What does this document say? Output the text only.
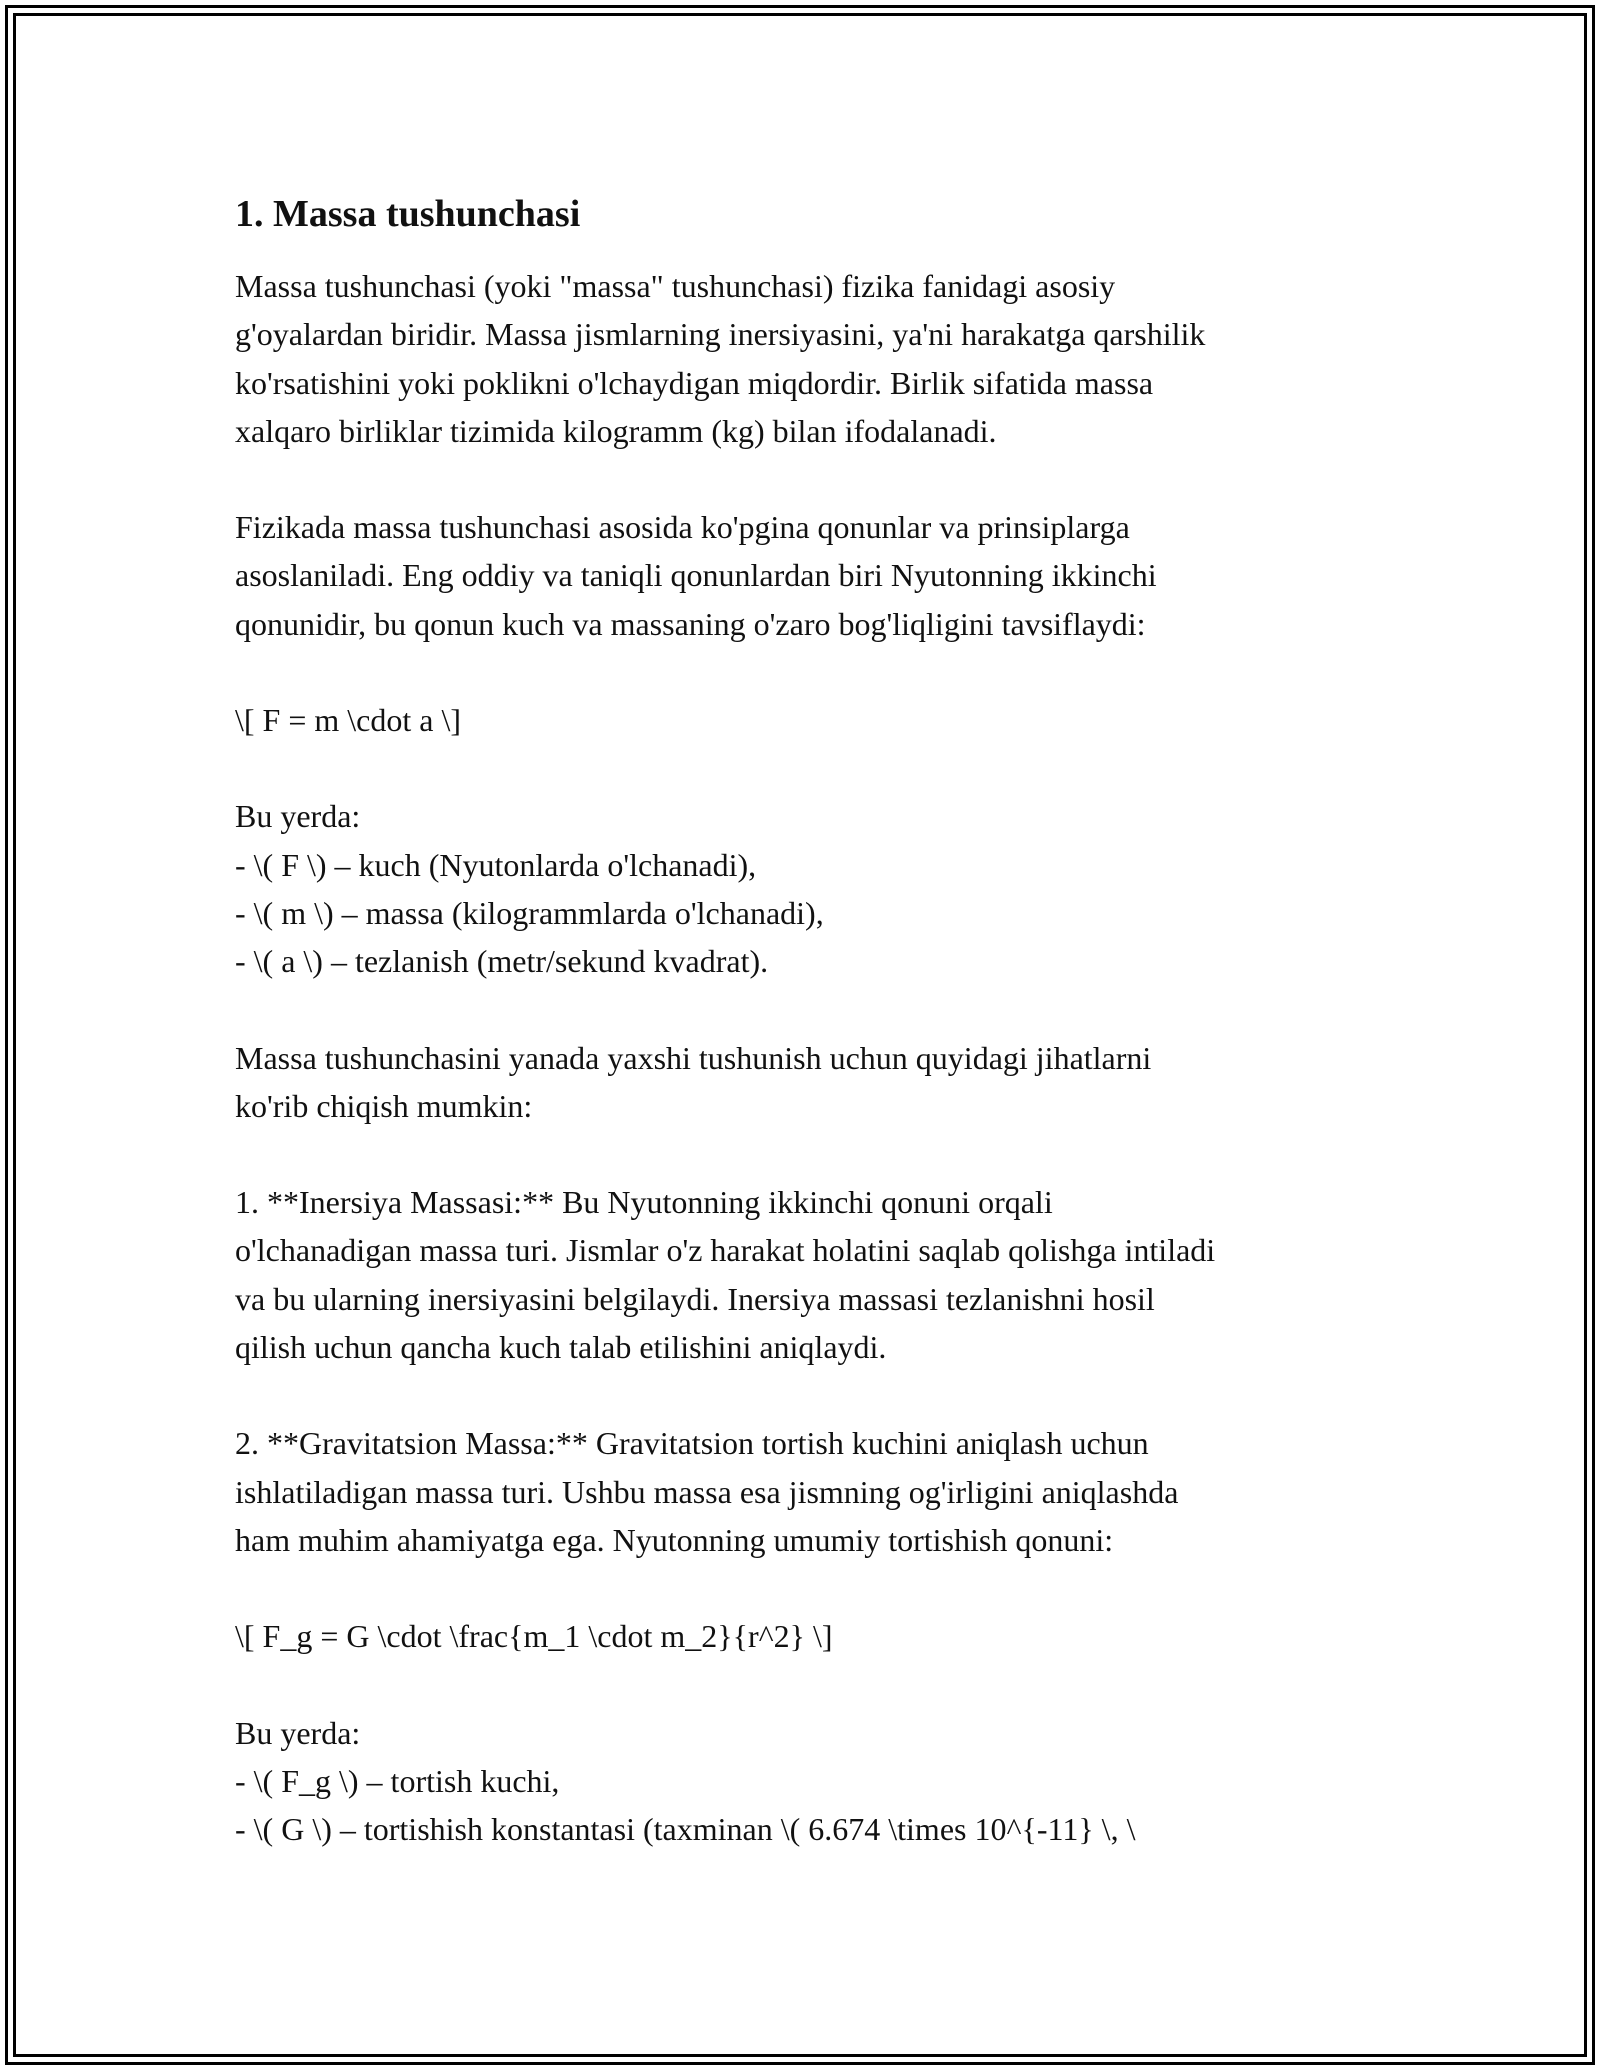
1. Massa tushunchasi
Massa tushunchasi (yoki "massa" tushunchasi) fizika fanidagi asosiy
g'oyalardan biridir. Massa jismlarning inersiyasini, ya'ni harakatga qarshilik
ko'rsatishini yoki poklikni o'lchaydigan miqdordir. Birlik sifatida massa
xalqaro birliklar tizimida kilogramm (kg) bilan ifodalanadi.
Fizikada massa tushunchasi asosida ko'pgina qonunlar va prinsiplarga
asoslaniladi. Eng oddiy va taniqli qonunlardan biri Nyutonning ikkinchi
qonunidir, bu qonun kuch va massaning o'zaro bog'liqligini tavsiflaydi:
\[ F = m \cdot a \]
Bu yerda:
- \( F \) – kuch (Nyutonlarda o'lchanadi),
- \( m \) – massa (kilogrammlarda o'lchanadi),
- \( a \) – tezlanish (metr/sekund kvadrat).
Massa tushunchasini yanada yaxshi tushunish uchun quyidagi jihatlarni
ko'rib chiqish mumkin:
1. **Inersiya Massasi:** Bu Nyutonning ikkinchi qonuni orqali
o'lchanadigan massa turi. Jismlar o'z harakat holatini saqlab qolishga intiladi
va bu ularning inersiyasini belgilaydi. Inersiya massasi tezlanishni hosil
qilish uchun qancha kuch talab etilishini aniqlaydi.
2. **Gravitatsion Massa:** Gravitatsion tortish kuchini aniqlash uchun
ishlatiladigan massa turi. Ushbu massa esa jismning og'irligini aniqlashda
ham muhim ahamiyatga ega. Nyutonning umumiy tortishish qonuni:
\[ F_g = G \cdot \frac{m_1 \cdot m_2}{r^2} \]
Bu yerda:
- \( F_g \) – tortish kuchi,
- \( G \) – tortishish konstantasi (taxminan \( 6.674 \times 10^{-11} \, \
